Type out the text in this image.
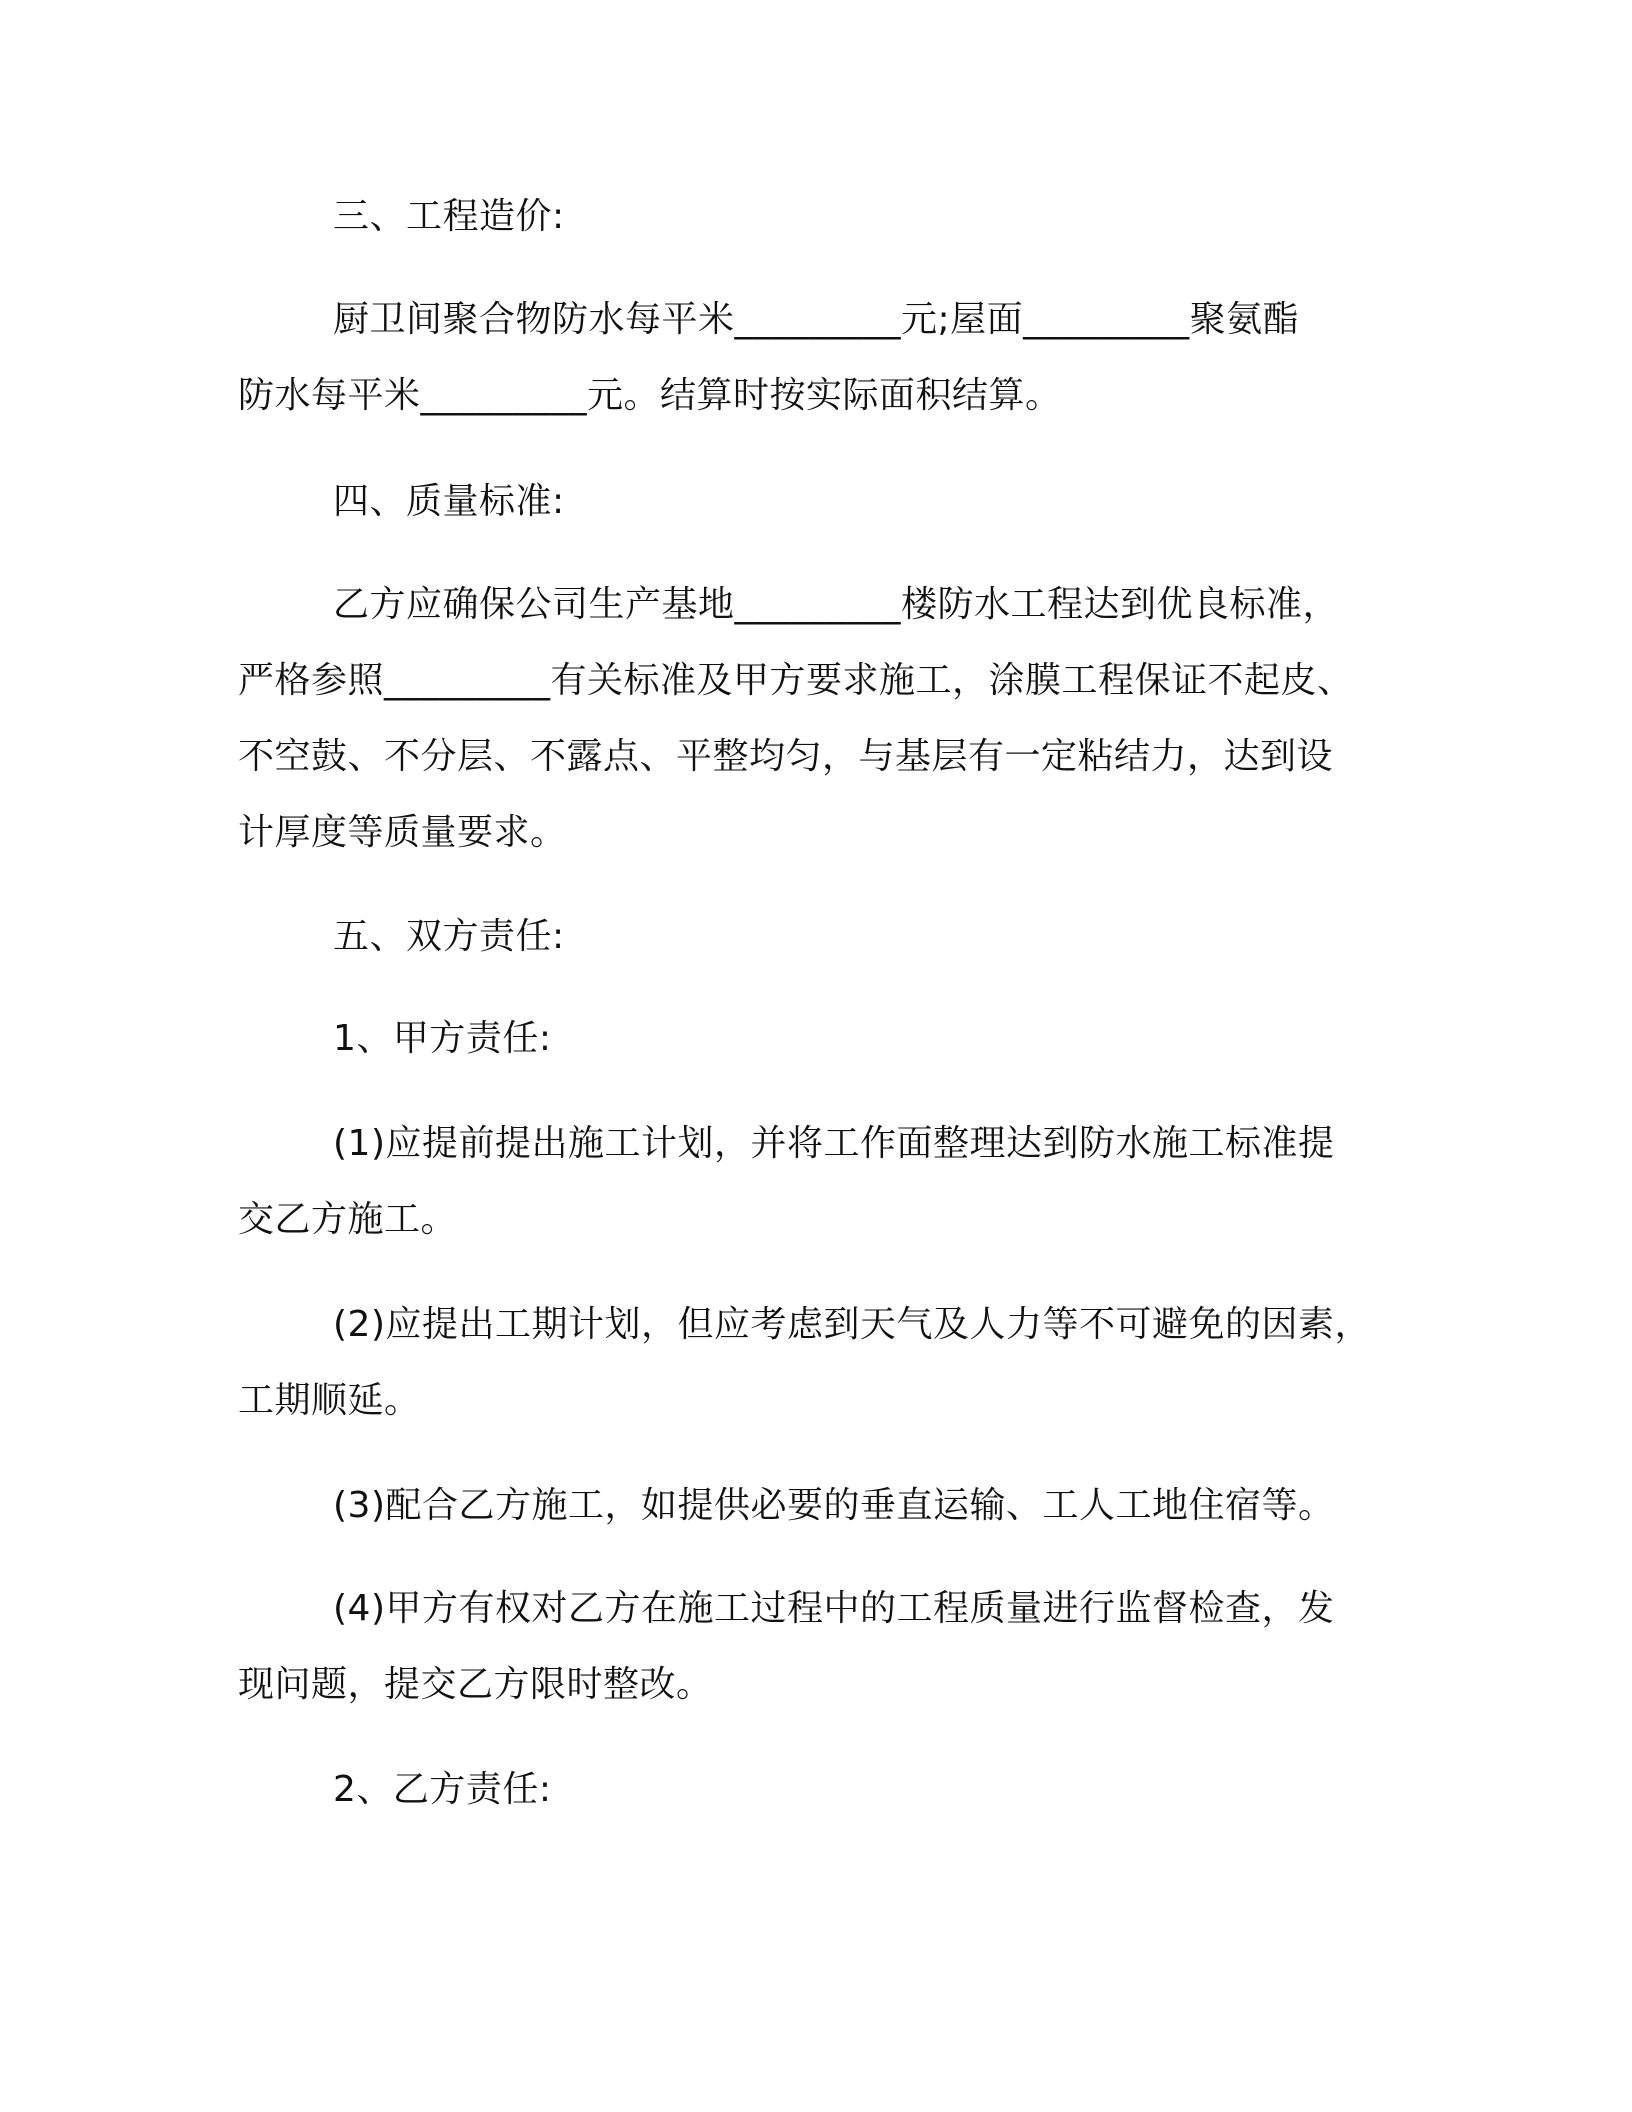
三、工程造价:
厨卫间聚合物防水每平米_________元;屋面_________聚氨酯
防水每平米_________元。结算时按实际面积结算。
四、质量标准:
乙方应确保公司生产基地_________楼防水工程达到优良标准，
严格参照_________有关标准及甲方要求施工，涂膜工程保证不起皮、
不空鼓、不分层、不露点、平整均匀，与基层有一定粘结力，达到设
计厚度等质量要求。
五、双方责任:
1、甲方责任:
(1)应提前提出施工计划，并将工作面整理达到防水施工标准提
交乙方施工。
(2)应提出工期计划，但应考虑到天气及人力等不可避免的因素，
工期顺延。
(3)配合乙方施工，如提供必要的垂直运输、工人工地住宿等。
(4)甲方有权对乙方在施工过程中的工程质量进行监督检查，发
现问题，提交乙方限时整改。
2、乙方责任:
